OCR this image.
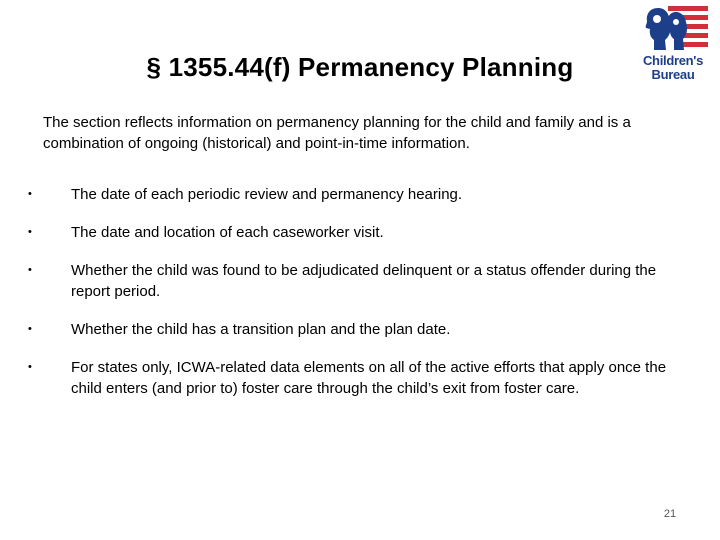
§ 1355.44(f) Permanency Planning	Children's
Bureau
The section reflects information on permanency planning for the child and family and is a combination of ongoing (historical) and point-in-time information.
•	The date of each periodic review and permanency hearing.
•	The date and location of each caseworker visit.
•	Whether the child was found to be adjudicated delinquent or a status offender during the report period.
•	Whether the child has a transition plan and the plan date.
•	For states only, ICWA-related data elements on all of the active efforts that apply once the child enters (and prior to) foster care through the child’s exit from foster care.
21
